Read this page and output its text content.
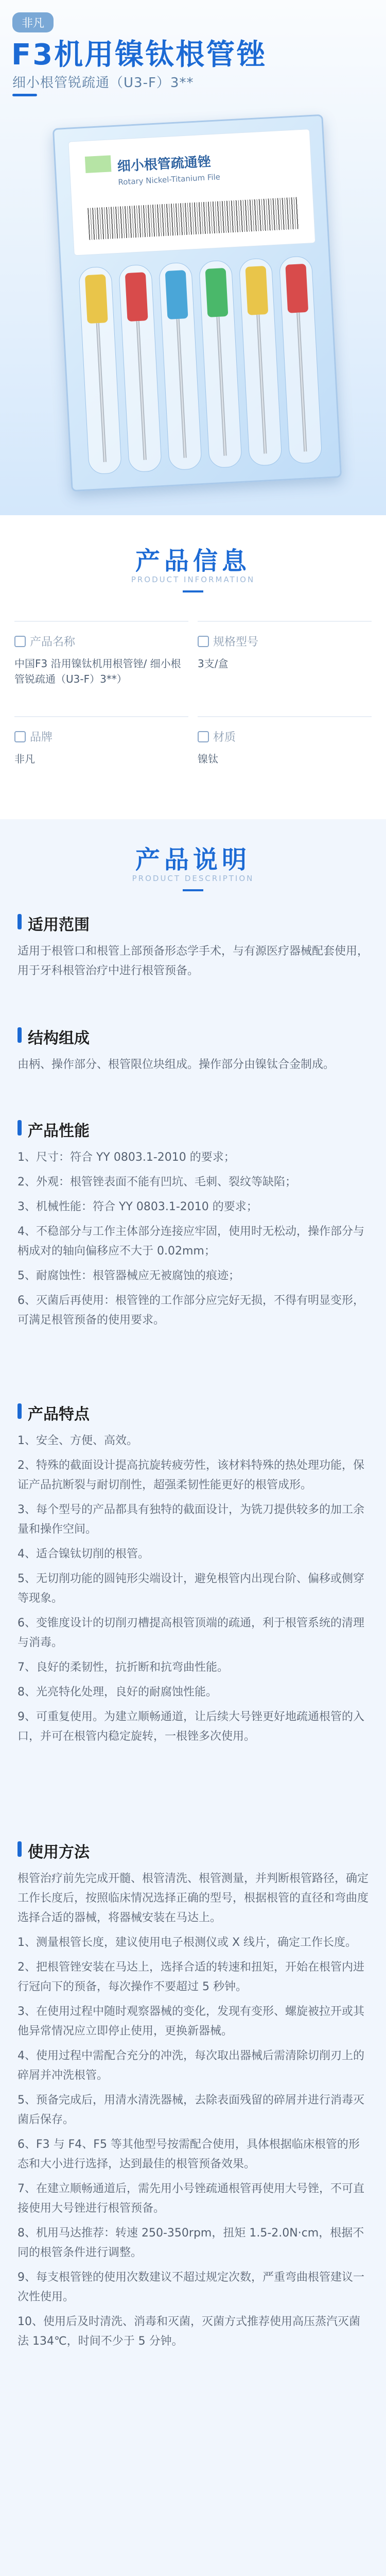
非凡
F3机用镍钛根管锉
细小根管锐疏通（U3-F）3**
细小根管疏通锉
Rotary Nickel-Titanium File
产品信息
PRODUCT INFORMATION
产品名称
中国F3 沿用镍钛机用根管锉/ 细小根管锐疏通（U3-F）3**）
规格型号
3支/盒
品牌
非凡
材质
镍钛
产品说明
PRODUCT DESCRIPTION
适用范围
适用于根管口和根管上部预备形态学手术，与有源医疗器械配套使用，用于牙科根管治疗中进行根管预备。
结构组成
由柄、操作部分、根管限位块组成。操作部分由镍钛合金制成。
产品性能

1、尺寸：符合 YY 0803.1-2010 的要求；

2、外观：根管锉表面不能有凹坑、毛刺、裂纹等缺陷；

3、机械性能：符合 YY 0803.1-2010 的要求；

4、不稳部分与工作主体部分连接应牢固，使用时无松动，操作部分与柄成对的轴向偏移应不大于 0.02mm；

5、耐腐蚀性：根管器械应无被腐蚀的痕迹；

6、灭菌后再使用：根管锉的工作部分应完好无损，不得有明显变形，可满足根管预备的使用要求。

产品特点

1、安全、方便、高效。

2、特殊的截面设计提高抗旋转疲劳性，该材料特殊的热处理功能，保证产品抗断裂与耐切削性，超强柔韧性能更好的根管成形。

3、每个型号的产品都具有独特的截面设计，为铣刀提供较多的加工余量和操作空间。

4、适合镍钛切削的根管。

5、无切削功能的圆钝形尖端设计，避免根管内出现台阶、偏移或侧穿等现象。

6、变锥度设计的切削刃槽提高根管顶端的疏通，利于根管系统的清理与消毒。

7、良好的柔韧性，抗折断和抗弯曲性能。

8、光亮特化处理，良好的耐腐蚀性能。

9、可重复使用。为建立顺畅通道，让后续大号锉更好地疏通根管的入口，并可在根管内稳定旋转，一根锉多次使用。

使用方法

根管治疗前先完成开髓、根管清洗、根管测量，并判断根管路径，确定工作长度后，按照临床情况选择正确的型号，根据根管的直径和弯曲度选择合适的器械，将器械安装在马达上。

1、测量根管长度，建议使用电子根测仪或 X 线片，确定工作长度。

2、把根管锉安装在马达上，选择合适的转速和扭矩，开始在根管内进行冠向下的预备，每次操作不要超过 5 秒钟。

3、在使用过程中随时观察器械的变化，发现有变形、螺旋被拉开或其他异常情况应立即停止使用，更换新器械。

4、使用过程中需配合充分的冲洗，每次取出器械后需清除切削刃上的碎屑并冲洗根管。

5、预备完成后，用清水清洗器械，去除表面残留的碎屑并进行消毒灭菌后保存。

6、F3 与 F4、F5 等其他型号按需配合使用，具体根据临床根管的形态和大小进行选择，达到最佳的根管预备效果。

7、在建立顺畅通道后，需先用小号锉疏通根管再使用大号锉，不可直接使用大号锉进行根管预备。

8、机用马达推荐：转速 250-350rpm，扭矩 1.5-2.0N·cm，根据不同的根管条件进行调整。

9、每支根管锉的使用次数建议不超过规定次数，严重弯曲根管建议一次性使用。

10、使用后及时清洗、消毒和灭菌，灭菌方式推荐使用高压蒸汽灭菌法 134℃，时间不少于 5 分钟。
